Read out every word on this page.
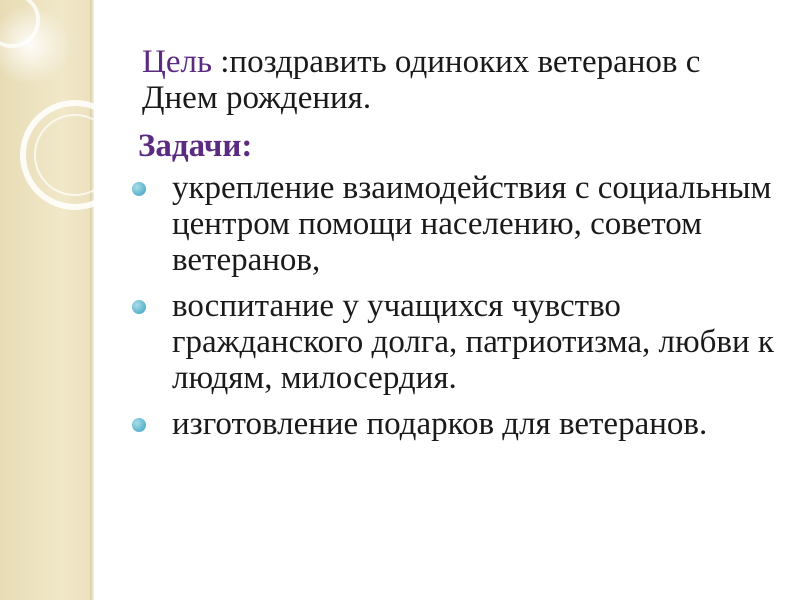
Цель :поздравить одиноких ветеранов с Днем рождения.

Задачи:
укрепление взаимодействия с социальным центром помощи населению, советом ветеранов,
воспитание у учащихся чувство гражданского долга, патриотизма, любви к людям, милосердия.
изготовление подарков для ветеранов.
